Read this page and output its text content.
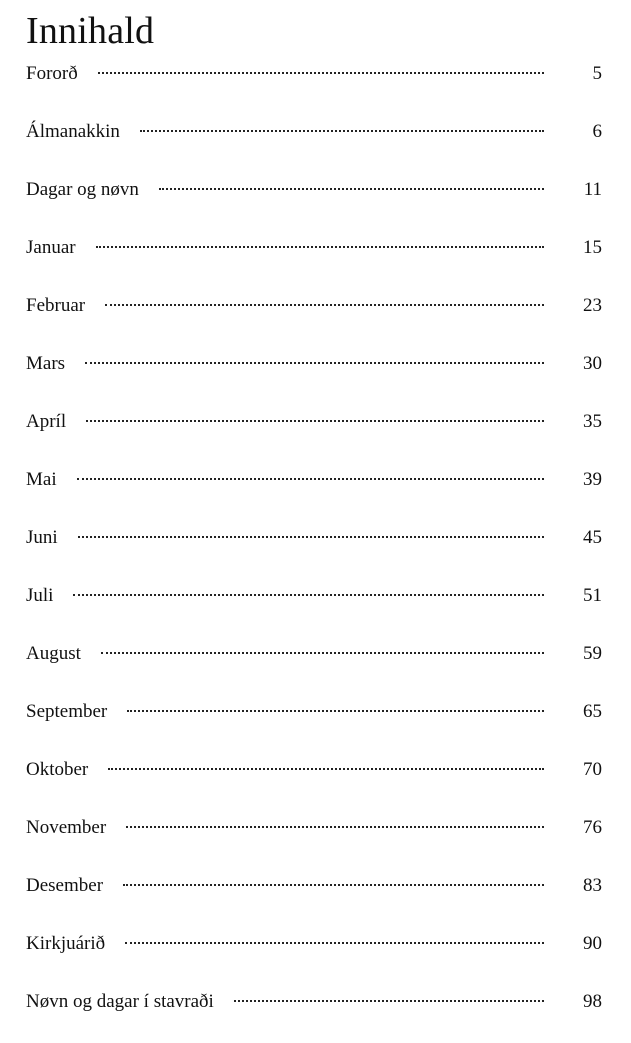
Innihald
Fororð	5
Álmanakkin	6
Dagar og nøvn	11
Januar	15
Februar	23
Mars	30
Apríl	35
Mai	39
Juni	45
Juli	51
August	59
September	65
Oktober	70
November	76
Desember	83
Kirkjuárið	90
Nøvn og dagar í stavraði	98
